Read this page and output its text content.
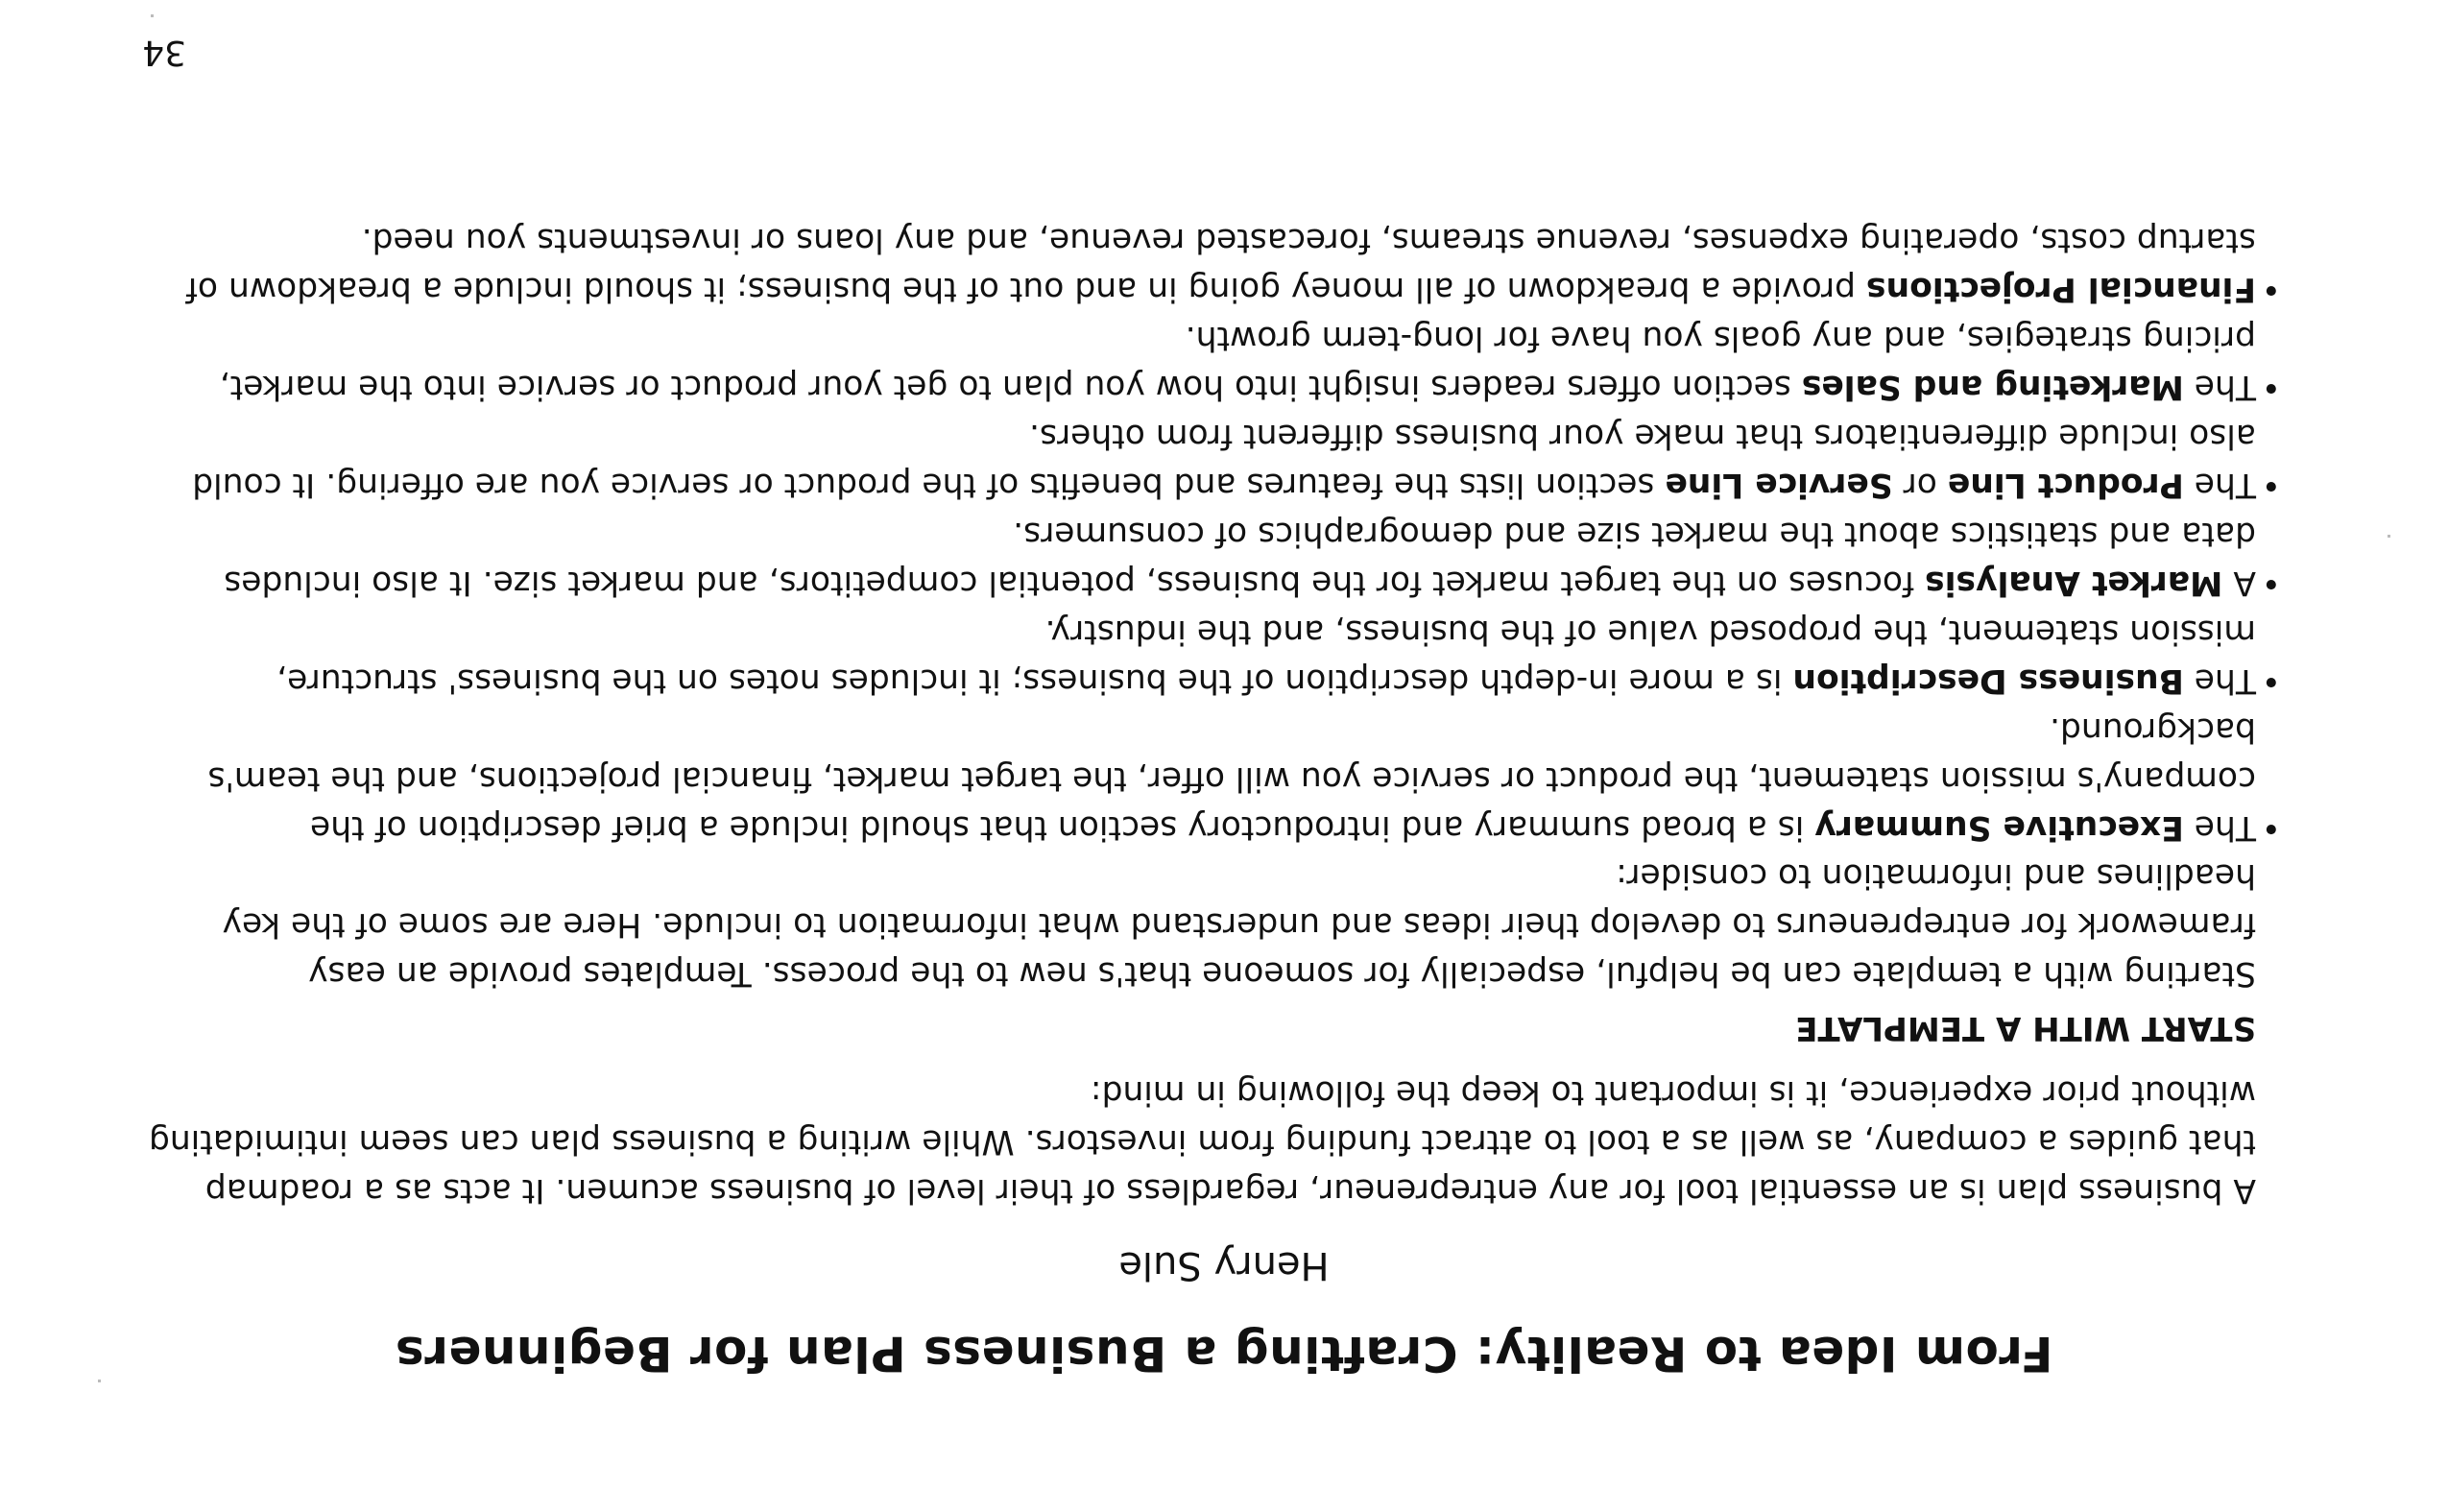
From Idea to Reality: Crafting a Business Plan for Beginners
Henry Sule
A business plan is an essential tool for any entrepreneur, regardless of their level of business acumen. It acts as a roadmap that guides a company, as well as a tool to attract funding from investors. While writing a business plan can seem intimidating without prior experience, it is important to keep the following in mind:
START WITH A TEMPLATE
Starting with a template can be helpful, especially for someone that's new to the process. Templates provide an easy framework for entrepreneurs to develop their ideas and understand what information to include. Here are some of the key headlines and information to consider:
•
The Executive Summary is a broad summary and introductory section that should include a brief description of the company's mission statement, the product or service you will offer, the target market, financial projections, and the team's background.
•
The Business Description is a more in-depth description of the business; it includes notes on the business' structure, mission statement, the proposed value of the business, and the industry.
•
A Market Analysis focuses on the target market for the business, potential competitors, and market size. It also includes data and statistics about the market size and demographics of consumers.
•
The Product Line or Service Line section lists the features and benefits of the product or service you are offering. It could also include differentiators that make your business different from others.
•
The Marketing and Sales section offers readers insight into how you plan to get your product or service into the market, pricing strategies, and any goals you have for long-term growth.
•
Financial Projections provide a breakdown of all money going in and out of the business; it should include a breakdown of startup costs, operating expenses, revenue streams, forecasted revenue, and any loans or investments you need.
34
